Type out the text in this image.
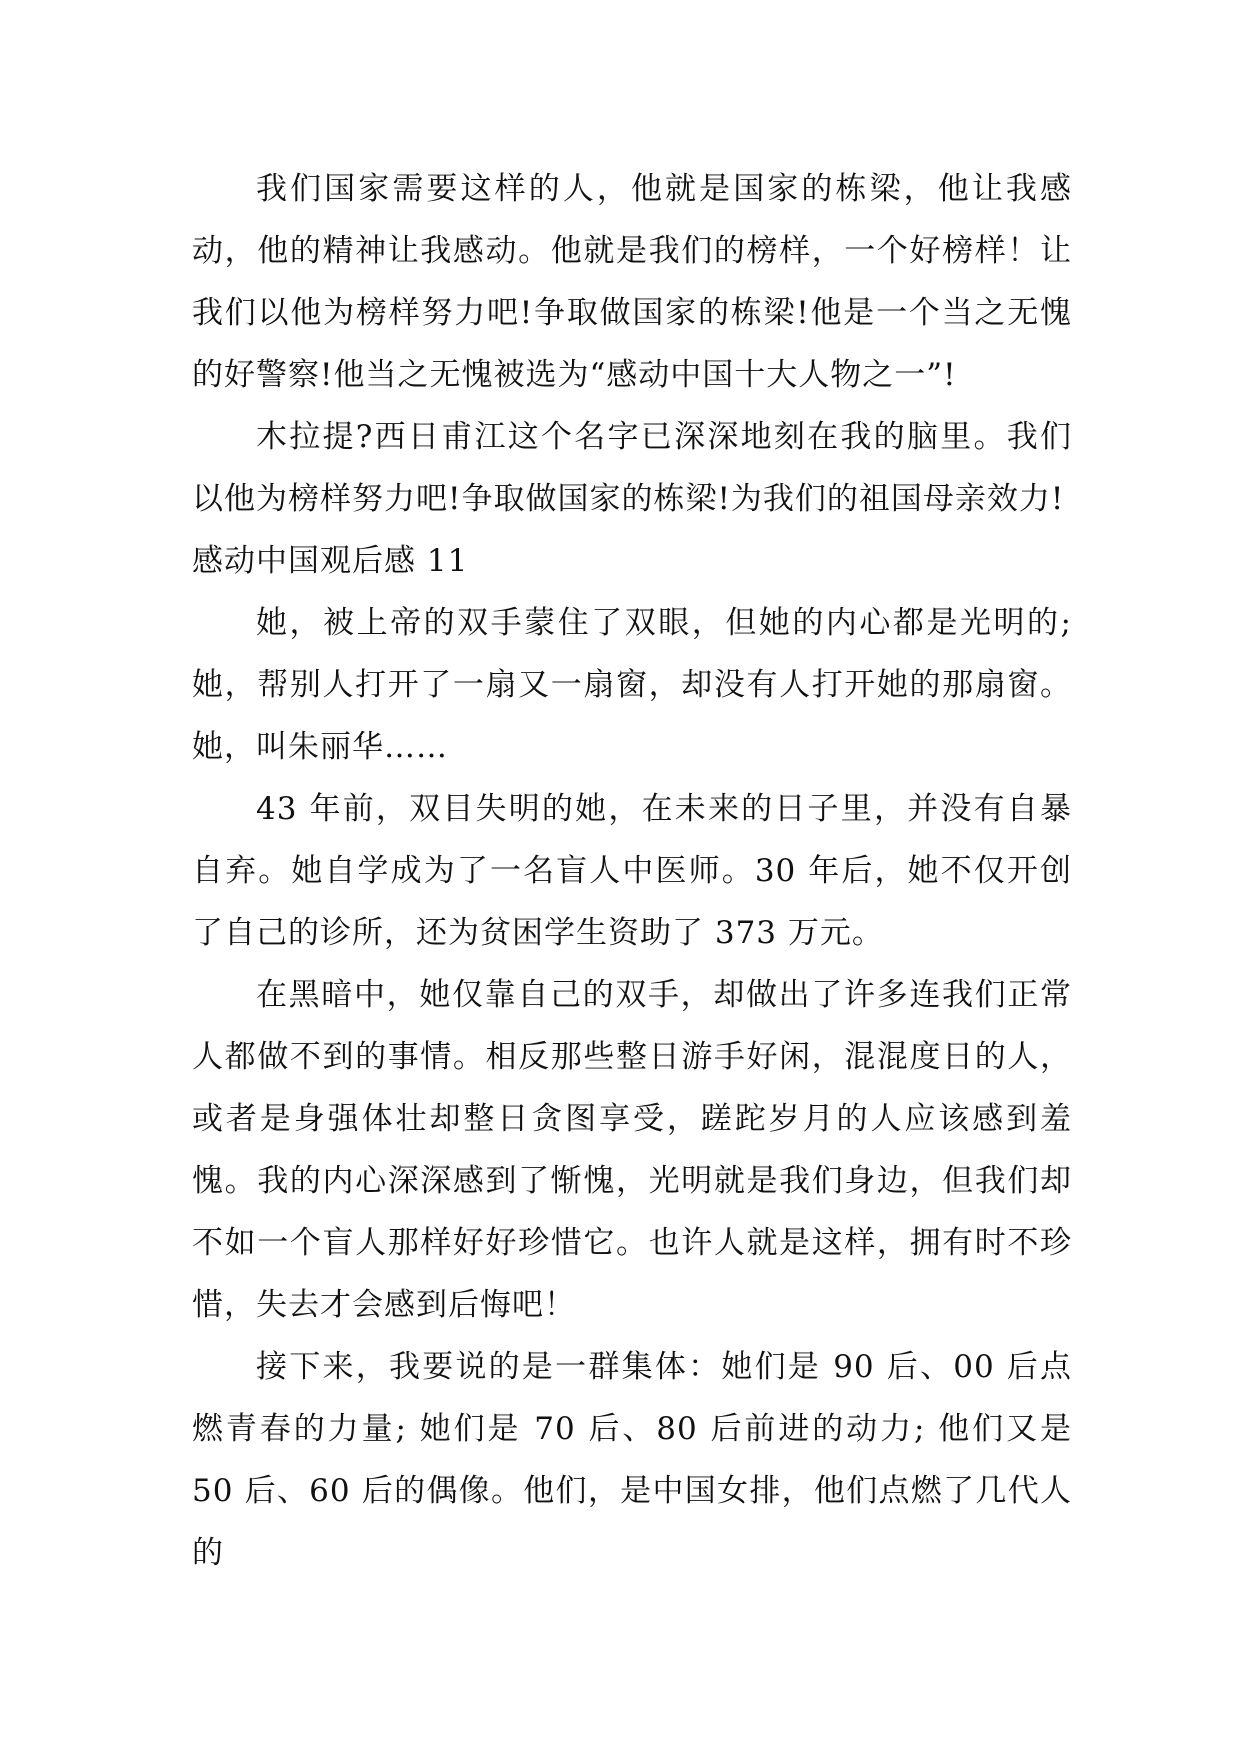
我们国家需要这样的人，他就是国家的栋梁，他让我感动，他的精神让我感动。他就是我们的榜样，一个好榜样！让我们以他为榜样努力吧!争取做国家的栋梁!他是一个当之无愧的好警察!他当之无愧被选为“感动中国十大人物之一”!

木拉提?西日甫江这个名字已深深地刻在我的脑里。我们以他为榜样努力吧!争取做国家的栋梁!为我们的祖国母亲效力!

感动中国观后感 11

她，被上帝的双手蒙住了双眼，但她的内心都是光明的;她，帮别人打开了一扇又一扇窗，却没有人打开她的那扇窗。她，叫朱丽华……

43 年前，双目失明的她，在未来的日子里，并没有自暴自弃。她自学成为了一名盲人中医师。30 年后，她不仅开创了自己的诊所，还为贫困学生资助了 373 万元。

在黑暗中，她仅靠自己的双手，却做出了许多连我们正常人都做不到的事情。相反那些整日游手好闲，混混度日的人，或者是身强体壮却整日贪图享受，蹉跎岁月的人应该感到羞愧。我的内心深深感到了惭愧，光明就是我们身边，但我们却不如一个盲人那样好好珍惜它。也许人就是这样，拥有时不珍惜，失去才会感到后悔吧！

接下来，我要说的是一群集体：她们是 90 后、00 后点燃青春的力量; 她们是 70 后、80 后前进的动力; 他们又是 50 后、60 后的偶像。他们，是中国女排，他们点燃了几代人的
